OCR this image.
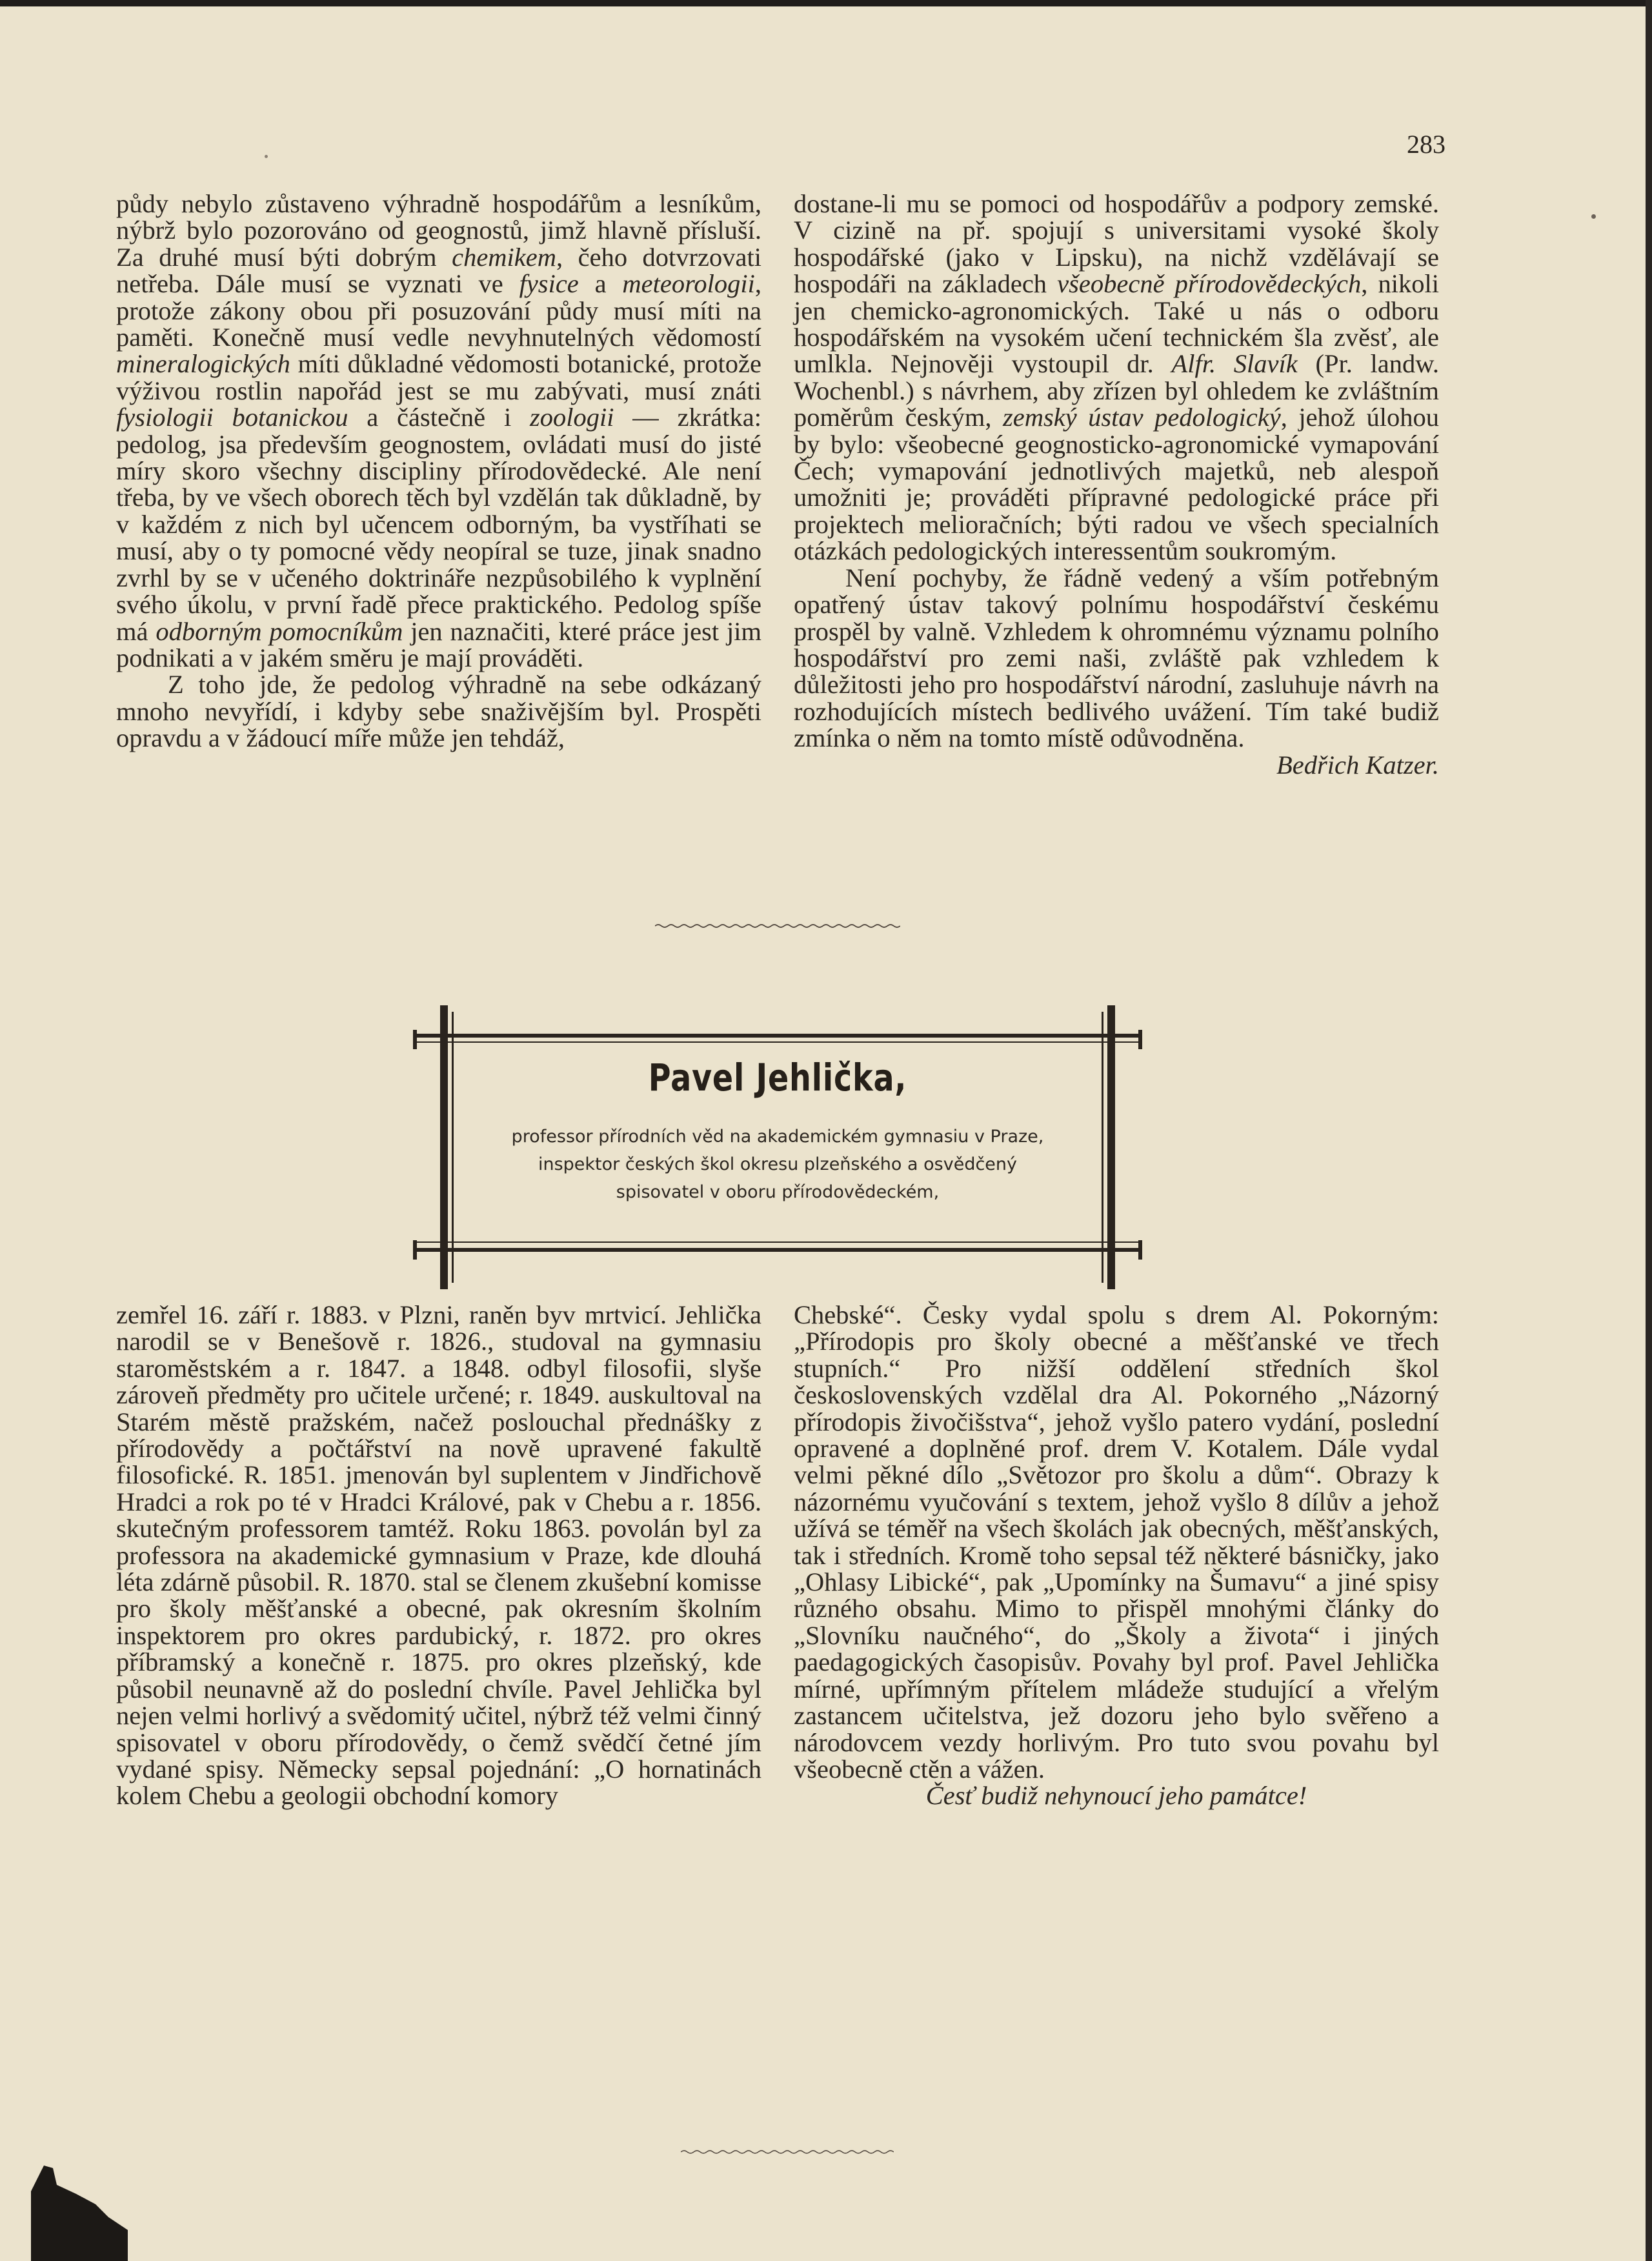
283

půdy nebylo zůstaveno výhradně hospodářům a lesníkům, nýbrž bylo pozorováno od geognostů, jimž hlavně přísluší. Za druhé musí býti dobrým chemikem, čeho dotvrzovati netřeba. Dále musí se vyznati ve fysice a meteorologii, protože zákony obou při posuzování půdy musí míti na paměti. Konečně musí vedle nevyhnutelných vědomostí mineralogických míti důkladné vědomosti botanické, protože výživou rostlin napořád jest se mu zabývati, musí znáti fysiologii botanickou a částečně i zoologii — zkrátka: pedolog, jsa především geognostem, ovládati musí do jisté míry skoro všechny discipliny přírodovědecké. Ale není třeba, by ve všech oborech těch byl vzdělán tak důkladně, by v každém z nich byl učencem odborným, ba vystříhati se musí, aby o ty pomocné vědy neopíral se tuze, jinak snadno zvrhl by se v učeného doktrináře nezpůsobilého k vyplnění svého úkolu, v první řadě přece praktického. Pedolog spíše má odborným pomocníkům jen naznačiti, které práce jest jim podnikati a v jakém směru je mají prováděti.

Z toho jde, že pedolog výhradně na sebe odkázaný mnoho nevyřídí, i kdyby sebe snaživějším byl. Prospěti opravdu a v žádoucí míře může jen tehdáž,

dostane-li mu se pomoci od hospodářův a podpory zemské. V cizině na př. spojují s universitami vysoké školy hospodářské (jako v Lipsku), na nichž vzdělávají se hospodáři na základech všeobecně přírodovědeckých, nikoli jen chemicko-agronomických. Také u nás o odboru hospodářském na vysokém učení technickém šla zvěsť, ale umlkla. Nejnověji vystoupil dr. Alfr. Slavík (Pr. landw. Wochenbl.) s návrhem, aby zřízen byl ohledem ke zvláštním poměrům českým, zemský ústav pedologický, jehož úlohou by bylo: všeobecné geognosticko-agronomické vymapování Čech; vymapování jednotlivých majetků, neb alespoň umožniti je; prováděti přípravné pedologické práce při projektech melioračních; býti radou ve všech specialních otázkách pedologických interessentům soukromým.

Není pochyby, že řádně vedený a vším potřebným opatřený ústav takový polnímu hospodářství českému prospěl by valně. Vzhledem k ohromnému významu polního hospodářství pro zemi naši, zvláště pak vzhledem k důležitosti jeho pro hospodářství národní, zasluhuje návrh na rozhodujících místech bedlivého uvážení. Tím také budiž zmínka o něm na tomto místě odůvodněna.
Bedřich Katzer.

Pavel Jehlička,
professor přírodních věd na akademickém gymnasiu v Praze,
inspektor českých škol okresu plzeňského a osvědčený
spisovatel v oboru přírodovědeckém,

zemřel 16. září r. 1883. v Plzni, raněn byv mrtvicí. Jehlička narodil se v Benešově r. 1826., studoval na gymnasiu staroměstském a r. 1847. a 1848. odbyl filosofii, slyše zároveň předměty pro učitele určené; r. 1849. auskultoval na Starém městě pražském, načež poslouchal přednášky z přírodovědy a počtářství na nově upravené fakultě filosofické. R. 1851. jmenován byl suplentem v Jindřichově Hradci a rok po té v Hradci Králové, pak v Chebu a r. 1856. skutečným professorem tamtéž. Roku 1863. povolán byl za professora na akademické gymnasium v Praze, kde dlouhá léta zdárně působil. R. 1870. stal se členem zkušební komisse pro školy měšťanské a obecné, pak okresním školním inspektorem pro okres pardubický, r. 1872. pro okres příbramský a konečně r. 1875. pro okres plzeňský, kde působil neunavně až do poslední chvíle. Pavel Jehlička byl nejen velmi horlivý a svědomitý učitel, nýbrž též velmi činný spisovatel v oboru přírodovědy, o čemž svědčí četné jím vydané spisy. Německy sepsal pojednání: „O hornatinách kolem Chebu a geologii obchodní komory

Chebské“. Česky vydal spolu s drem Al. Pokorným: „Přírodopis pro školy obecné a měšťanské ve třech stupních.“ Pro nižší oddělení středních škol československých vzdělal dra Al. Pokorného „Názorný přírodopis živočišstva“, jehož vyšlo patero vydání, poslední opravené a doplněné prof. drem V. Kotalem. Dále vydal velmi pěkné dílo „Světozor pro školu a dům“. Obrazy k názornému vyučování s textem, jehož vyšlo 8 dílův a jehož užívá se téměř na všech školách jak obecných, měšťanských, tak i středních. Kromě toho sepsal též některé básničky, jako „Ohlasy Libické“, pak „Upomínky na Šumavu“ a jiné spisy různého obsahu. Mimo to přispěl mnohými články do „Slovníku naučného“, do „Školy a života“ i jiných paedagogických časopisův. Povahy byl prof. Pavel Jehlička mírné, upřímným přítelem mládeže studující a vřelým zastancem učitelstva, jež dozoru jeho bylo svěřeno a národovcem vezdy horlivým. Pro tuto svou povahu byl všeobecně ctěn a vážen.

Česť budiž nehynoucí jeho památce!
